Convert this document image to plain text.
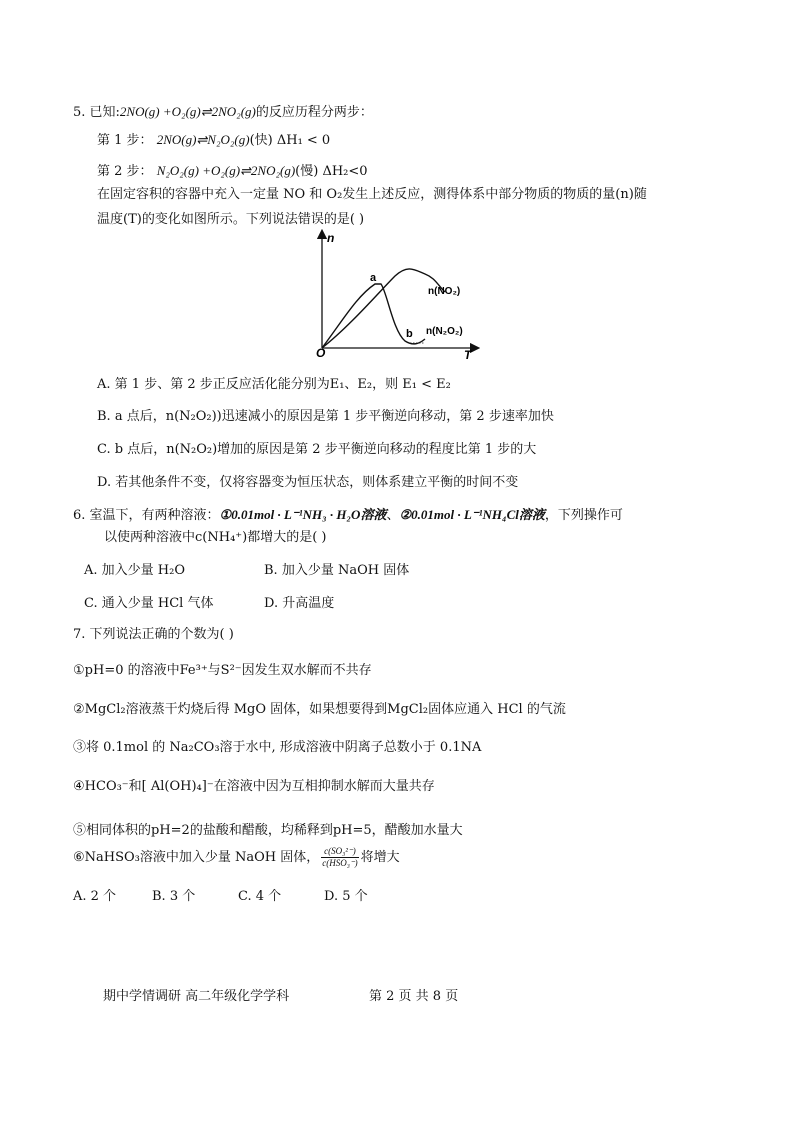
5. 已知:2NO(g) +O₂(g)⇌2NO₂(g)的反应历程分两步：
第 1 步： 2NO(g)⇌N₂O₂(g)(快) ΔH₁ < 0
第 2 步： N₂O₂(g) +O₂(g)⇌2NO₂(g)(慢) ΔH₂<0
在固定容积的容器中充入一定量 NO 和 O₂发生上述反应，测得体系中部分物质的物质的量(n)随
温度(T)的变化如图所示。下列说法错误的是( )
n
T
O
a
b
n(NO₂)
n(N₂O₂)
A. 第 1 步、第 2 步正反应活化能分别为E₁、E₂，则 E₁ < E₂
B. a 点后，n(N₂O₂))迅速减小的原因是第 1 步平衡逆向移动，第 2 步速率加快
C. b 点后，n(N₂O₂)增加的原因是第 2 步平衡逆向移动的程度比第 1 步的大
D. 若其他条件不变，仅将容器变为恒压状态，则体系建立平衡的时间不变
6. 室温下，有两种溶液：①0.01mol · L⁻¹NH₃ · H₂O溶液、②0.01mol · L⁻¹NH₄Cl溶液，下列操作可
以使两种溶液中c(NH₄⁺)都增大的是( )
A. 加入少量 H₂O	B. 加入少量 NaOH 固体
C. 通入少量 HCl 气体	D. 升高温度
7. 下列说法正确的个数为( )
①pH=0 的溶液中Fe³⁺与S²⁻因发生双水解而不共存
②MgCl₂溶液蒸干灼烧后得 MgO 固体，如果想要得到MgCl₂固体应通入 HCl 的气流
③将 0.1mol 的 Na₂CO₃溶于水中, 形成溶液中阴离子总数小于 0.1NA
④HCO₃⁻和[ Al(OH)₄]⁻在溶液中因为互相抑制水解而大量共存
⑤相同体积的pH=2的盐酸和醋酸，均稀释到pH=5，醋酸加水量大
⑥NaHSO₃溶液中加入少量 NaOH 固体， $\frac{\text{c(SO₃²⁻)}}{\text{c(HSO₃⁻)}}$ 将增大
A. 2 个	B. 3 个	C. 4 个	D. 5 个
期中学情调研 高二年级化学学科	第 2 页 共 8 页
